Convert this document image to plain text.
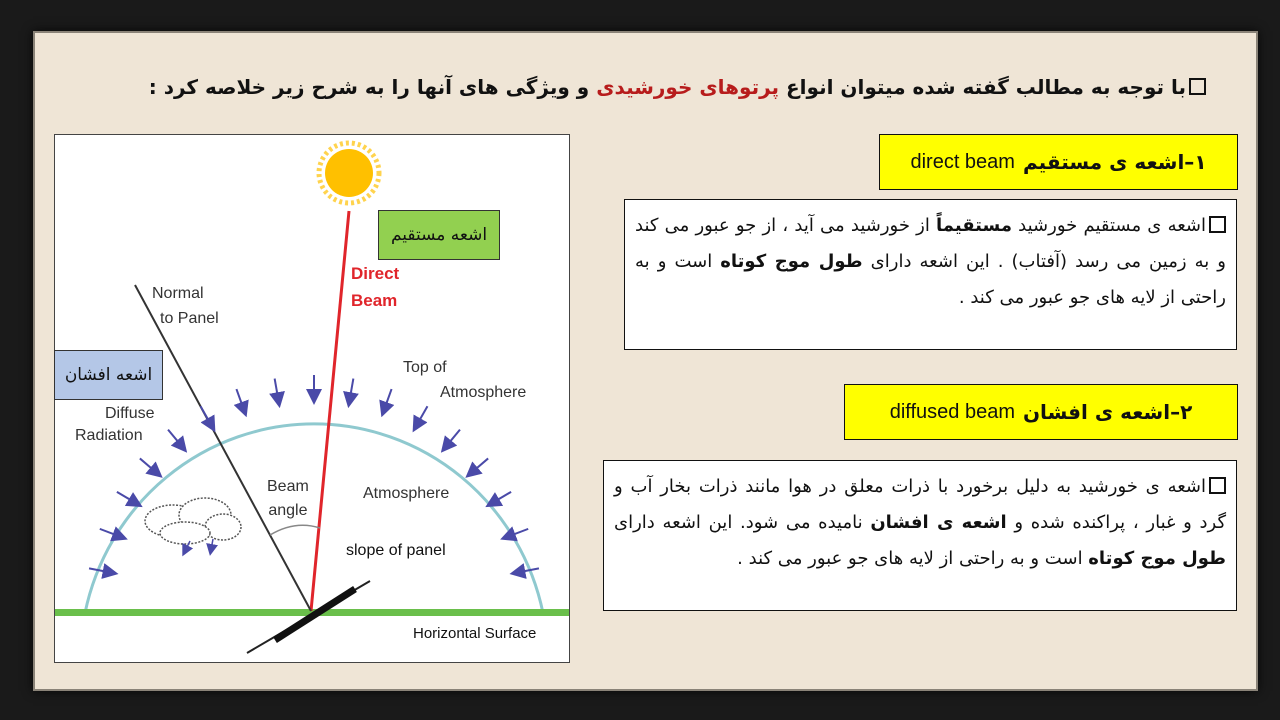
با توجه به مطالب گفته شده میتوان انواع پرتوهای خورشیدی و ویژگی های آنها را به شرح زیر خلاصه کرد :
direct beam ۱–اشعه ی مستقیم
اشعه ی مستقیم خورشید مستقیماً از خورشید می آید ، از جو عبور می کند و به زمین می رسد (آفتاب) . این اشعه دارای طول موج کوتاه است و به راحتی از لایه های جو عبور می کند .
diffused beam ۲–اشعه ی افشان
اشعه ی خورشید به دلیل برخورد با ذرات معلق در هوا مانند ذرات بخار آب و گرد و غبار ، پراکنده شده و اشعه ی افشان نامیده می شود. این اشعه دارای طول موج کوتاه است و به راحتی از لایه های جو عبور می کند .
Direct
Beam
Normal
to Panel
Top of
Atmosphere
Diffuse
Radiation
Beam
angle
Atmosphere
slope of panel
Horizontal Surface
اشعه مستقیم
اشعه افشان
